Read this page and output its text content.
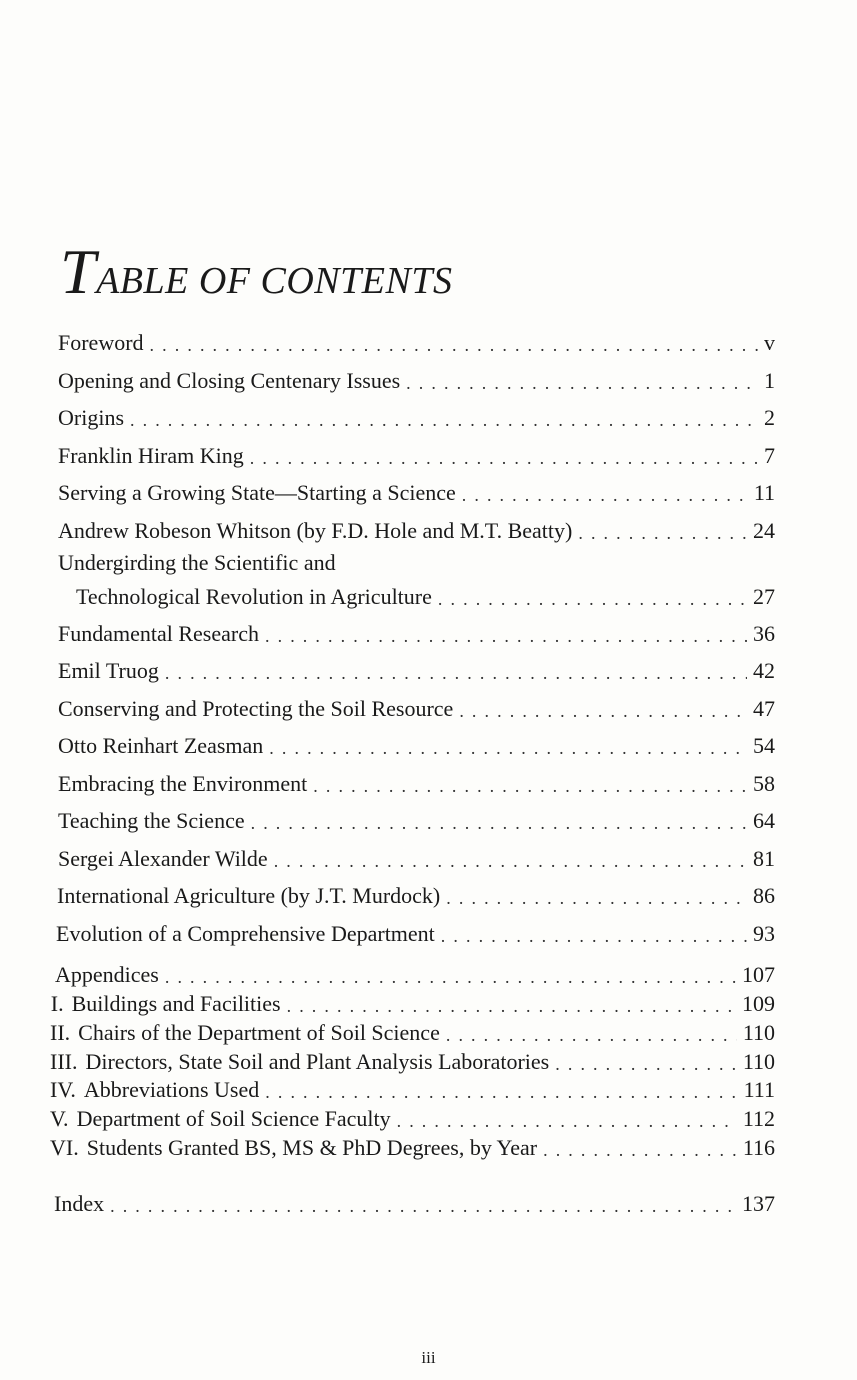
TABLE OF CONTENTS
Foreword . . .	v
Opening and Closing Centenary Issues . . .	1
Origins . . .	2
Franklin Hiram King . . .	7
Serving a Growing State—Starting a Science . . .	11
Andrew Robeson Whitson (by F.D. Hole and M.T. Beatty) . . .	24
Undergirding the Scientific and
Technological Revolution in Agriculture . . .	27
Fundamental Research . . .	36
Emil Truog . . .	42
Conserving and Protecting the Soil Resource . . .	47
Otto Reinhart Zeasman . . .	54
Embracing the Environment . . .	58
Teaching the Science . . .	64
Sergei Alexander Wilde . . .	81
International Agriculture (by J.T. Murdock) . . .	86
Evolution of a Comprehensive Department . . .	93
Appendices . . .	107
I. Buildings and Facilities . . .	109
II. Chairs of the Department of Soil Science . . .	110
III. Directors, State Soil and Plant Analysis Laboratories . . .	110
IV. Abbreviations Used . . .	111
V. Department of Soil Science Faculty . . .	112
VI. Students Granted BS, MS & PhD Degrees, by Year . . .	116
Index . . .	137
iii
